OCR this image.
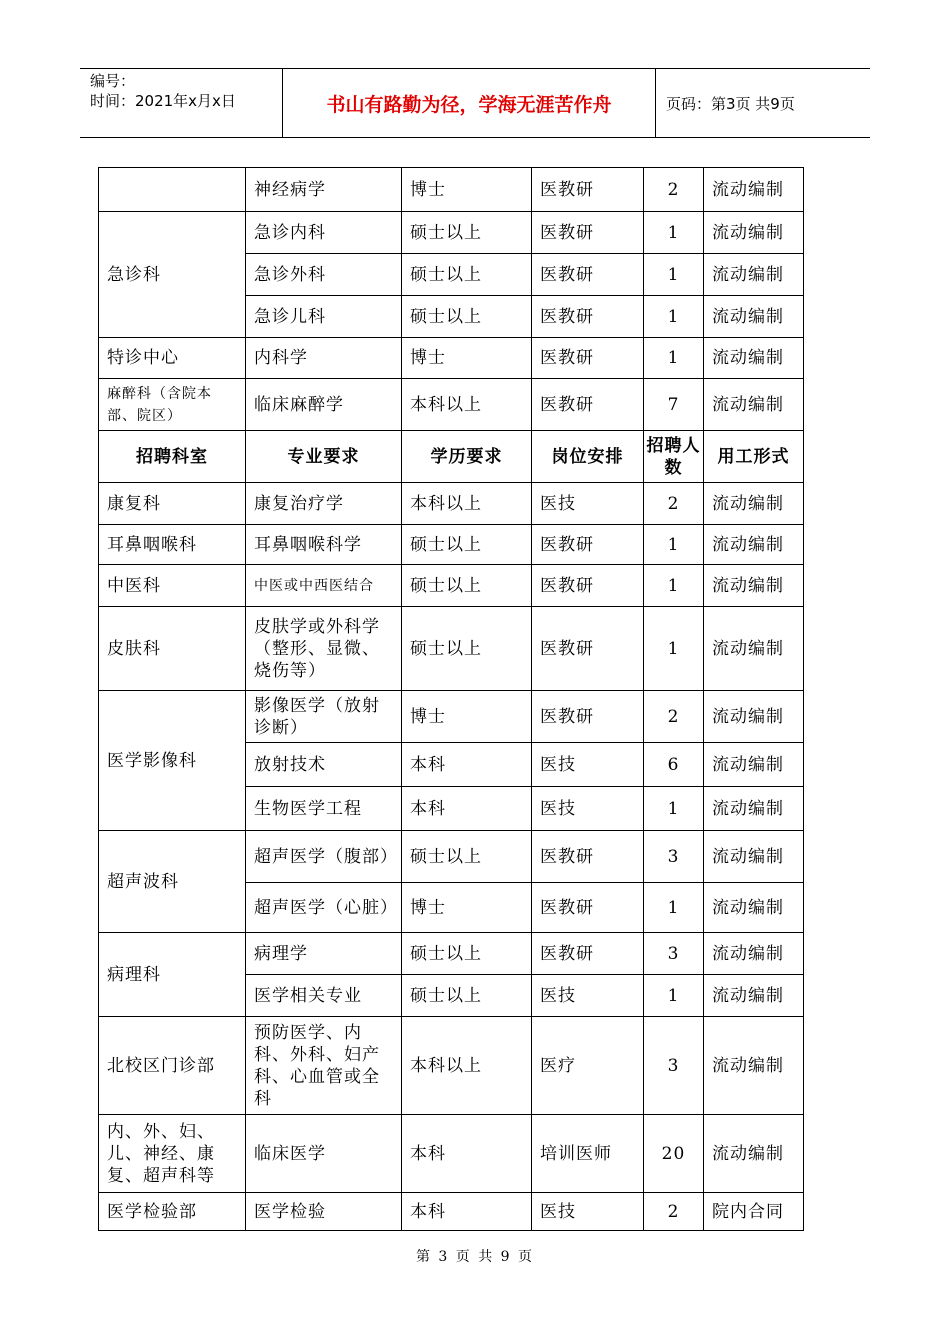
编号：
时间：2021年x月x日	书山有路勤为径，学海无涯苦作舟	页码：第3页 共9页
	神经病学	博士	医教研	2	流动编制
急诊科	急诊内科	硕士以上	医教研	1	流动编制
	急诊外科	硕士以上	医教研	1	流动编制
	急诊儿科	硕士以上	医教研	1	流动编制
特诊中心	内科学	博士	医教研	1	流动编制
麻醉科（含院本部、院区）	临床麻醉学	本科以上	医教研	7	流动编制
招聘科室	专业要求	学历要求	岗位安排	招聘人数	用工形式
康复科	康复治疗学	本科以上	医技	2	流动编制
耳鼻咽喉科	耳鼻咽喉科学	硕士以上	医教研	1	流动编制
中医科	中医或中西医结合	硕士以上	医教研	1	流动编制
皮肤科	皮肤学或外科学（整形、显微、烧伤等）	硕士以上	医教研	1	流动编制
医学影像科	影像医学（放射诊断）	博士	医教研	2	流动编制
	放射技术	本科	医技	6	流动编制
	生物医学工程	本科	医技	1	流动编制
超声波科	超声医学（腹部）	硕士以上	医教研	3	流动编制
	超声医学（心脏）	博士	医教研	1	流动编制
病理科	病理学	硕士以上	医教研	3	流动编制
	医学相关专业	硕士以上	医技	1	流动编制
北校区门诊部	预防医学、内科、外科、妇产科、心血管或全科	本科以上	医疗	3	流动编制
内、外、妇、儿、神经、康复、超声科等	临床医学	本科	培训医师	20	流动编制
医学检验部	医学检验	本科	医技	2	院内合同
第 3 页 共 9 页
